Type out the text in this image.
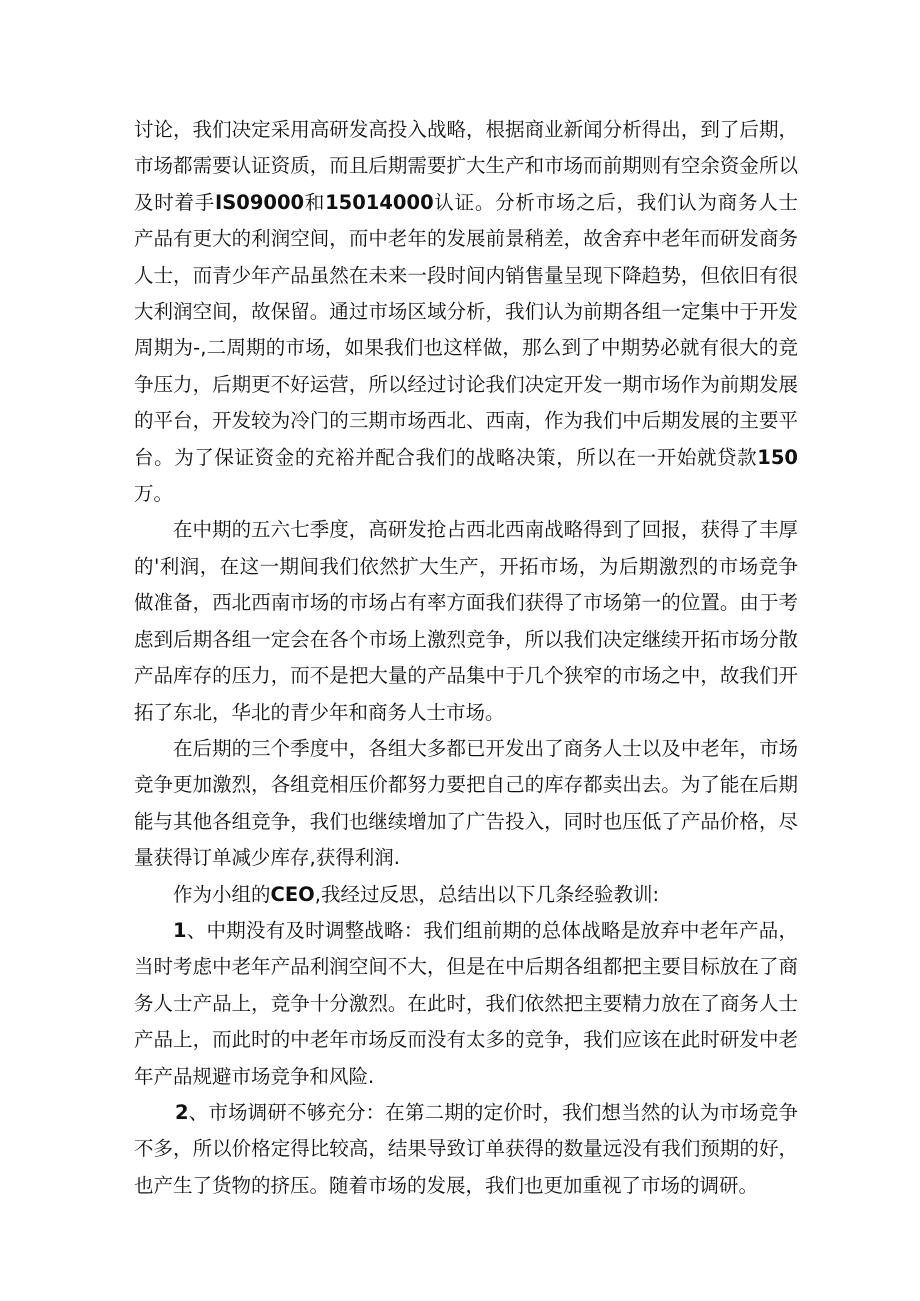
讨论，我们决定采用高研发高投入战略，根据商业新闻分析得出，到了后期，市场都需要认证资质，而且后期需要扩大生产和市场而前期则有空余资金所以及时着手IS09000和15014000认证。分析市场之后，我们认为商务人士产品有更大的利润空间，而中老年的发展前景稍差，故舍弃中老年而研发商务人士，而青少年产品虽然在未来一段时间内销售量呈现下降趋势，但依旧有很大利润空间，故保留。通过市场区域分析，我们认为前期各组一定集中于开发周期为-,二周期的市场，如果我们也这样做，那么到了中期势必就有很大的竞争压力，后期更不好运营，所以经过讨论我们决定开发一期市场作为前期发展的平台，开发较为冷门的三期市场西北、西南，作为我们中后期发展的主要平台。为了保证资金的充裕并配合我们的战略决策，所以在一开始就贷款150万。

在中期的五六七季度，高研发抢占西北西南战略得到了回报，获得了丰厚的'利润，在这一期间我们依然扩大生产，开拓市场，为后期激烈的市场竞争做准备，西北西南市场的市场占有率方面我们获得了市场第一的位置。由于考虑到后期各组一定会在各个市场上激烈竞争，所以我们决定继续开拓市场分散产品库存的压力，而不是把大量的产品集中于几个狭窄的市场之中，故我们开拓了东北，华北的青少年和商务人士市场。

在后期的三个季度中，各组大多都已开发出了商务人士以及中老年，市场竞争更加激烈，各组竞相压价都努力要把自己的库存都卖出去。为了能在后期能与其他各组竞争，我们也继续增加了广告投入，同时也压低了产品价格，尽量获得订单减少库存,获得利润.

作为小组的CEO,我经过反思，总结出以下几条经验教训:

1、中期没有及时调整战略：我们组前期的总体战略是放弃中老年产品，当时考虑中老年产品利润空间不大，但是在中后期各组都把主要目标放在了商务人士产品上，竞争十分激烈。在此时，我们依然把主要精力放在了商务人士产品上，而此时的中老年市场反而没有太多的竞争，我们应该在此时研发中老年产品规避市场竞争和风险.

2、市场调研不够充分：在第二期的定价时，我们想当然的认为市场竞争不多，所以价格定得比较高，结果导致订单获得的数量远没有我们预期的好，也产生了货物的挤压。随着市场的发展，我们也更加重视了市场的调研。
